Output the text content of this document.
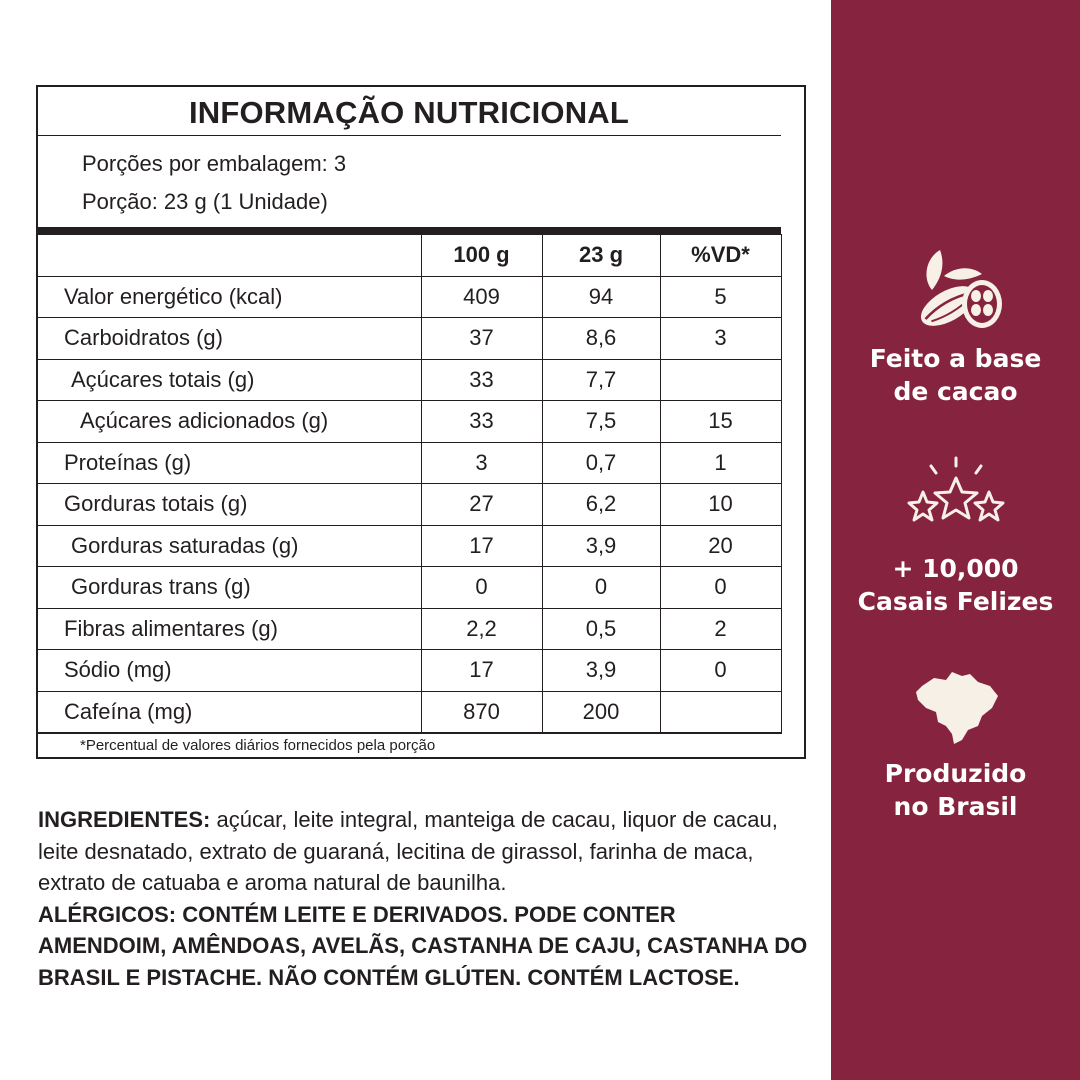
INFORMAÇÃO NUTRICIONAL
Porções por embalagem: 3
Porção: 23 g (1 Unidade)
	100 g	23 g	%VD*
Valor energético (kcal)	409	94	5
Carboidratos (g)	37	8,6	3
Açúcares totais (g)	33	7,7	
Açúcares adicionados (g)	33	7,5	15
Proteínas (g)	3	0,7	1
Gorduras totais (g)	27	6,2	10
Gorduras saturadas (g)	17	3,9	20
Gorduras trans (g)	0	0	0
Fibras alimentares (g)	2,2	0,5	2
Sódio (mg)	17	3,9	0
Cafeína (mg)	870	200	
*Percentual de valores diários fornecidos pela porção
INGREDIENTES: açúcar, leite integral, manteiga de cacau, liquor de cacau, leite desnatado, extrato de guaraná, lecitina de girassol, farinha de maca, extrato de catuaba e aroma natural de baunilha.
ALÉRGICOS: CONTÉM LEITE E DERIVADOS. PODE CONTER AMENDOIM, AMÊNDOAS, AVELÃS, CASTANHA DE CAJU, CASTANHA DO BRASIL E PISTACHE. NÃO CONTÉM GLÚTEN. CONTÉM LACTOSE.
Feito a base
de cacao
+ 10,000
Casais Felizes
Produzido
no Brasil
